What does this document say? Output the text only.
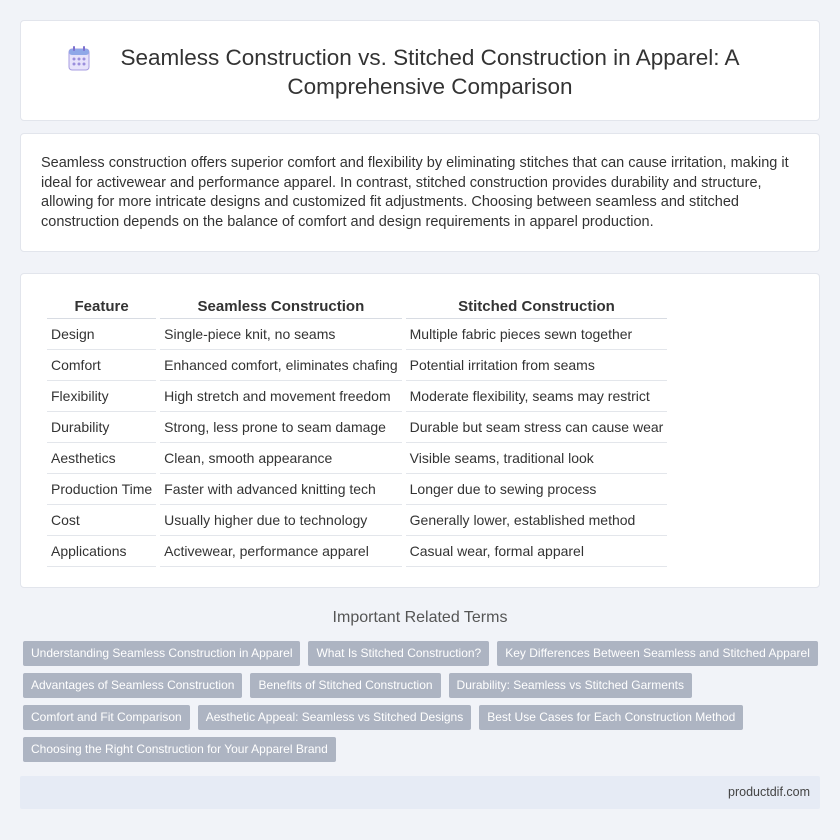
Seamless Construction vs. Stitched Construction in Apparel: A Comprehensive Comparison

Seamless construction offers superior comfort and flexibility by eliminating stitches that can cause irritation, making it ideal for activewear and performance apparel. In contrast, stitched construction provides durability and structure, allowing for more intricate designs and customized fit adjustments. Choosing between seamless and stitched construction depends on the balance of comfort and design requirements in apparel production.

Feature	Seamless Construction	Stitched Construction
Design	Single-piece knit, no seams	Multiple fabric pieces sewn together
Comfort	Enhanced comfort, eliminates chafing	Potential irritation from seams
Flexibility	High stretch and movement freedom	Moderate flexibility, seams may restrict
Durability	Strong, less prone to seam damage	Durable but seam stress can cause wear
Aesthetics	Clean, smooth appearance	Visible seams, traditional look
Production Time	Faster with advanced knitting tech	Longer due to sewing process
Cost	Usually higher due to technology	Generally lower, established method
Applications	Activewear, performance apparel	Casual wear, formal apparel
Important Related Terms
Understanding Seamless Construction in Apparel	What Is Stitched Construction?	Key Differences Between Seamless and Stitched Apparel
Advantages of Seamless Construction	Benefits of Stitched Construction	Durability: Seamless vs Stitched Garments
Comfort and Fit Comparison	Aesthetic Appeal: Seamless vs Stitched Designs	Best Use Cases for Each Construction Method
Choosing the Right Construction for Your Apparel Brand
productdif.com
